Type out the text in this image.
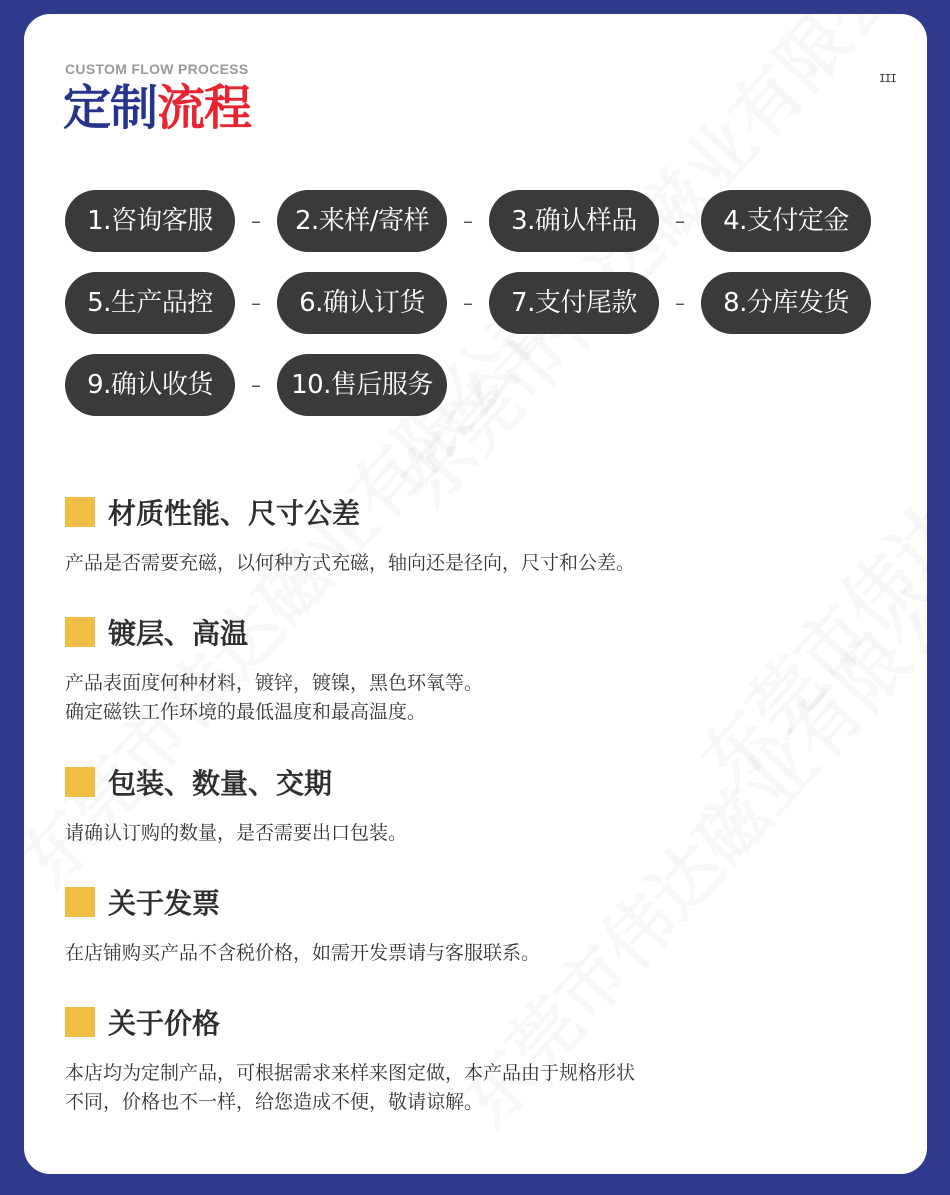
CUSTOM FLOW PROCESS
定制流程
III
1.咨询客服	–	2.来样/寄样	–	3.确认样品	–	4.支付定金
5.生产品控	–	6.确认订货	–	7.支付尾款	–	8.分库发货
9.确认收货	–	10.售后服务
材质性能、尺寸公差
产品是否需要充磁，以何种方式充磁，轴向还是径向，尺寸和公差。
镀层、高温
产品表面度何种材料，镀锌，镀镍，黑色环氧等。
确定磁铁工作环境的最低温度和最高温度。
包装、数量、交期
请确认订购的数量，是否需要出口包装。
关于发票
在店铺购买产品不含税价格，如需开发票请与客服联系。
关于价格
本店均为定制产品，可根据需求来样来图定做，本产品由于规格形状
不同，价格也不一样，给您造成不便，敬请谅解。
